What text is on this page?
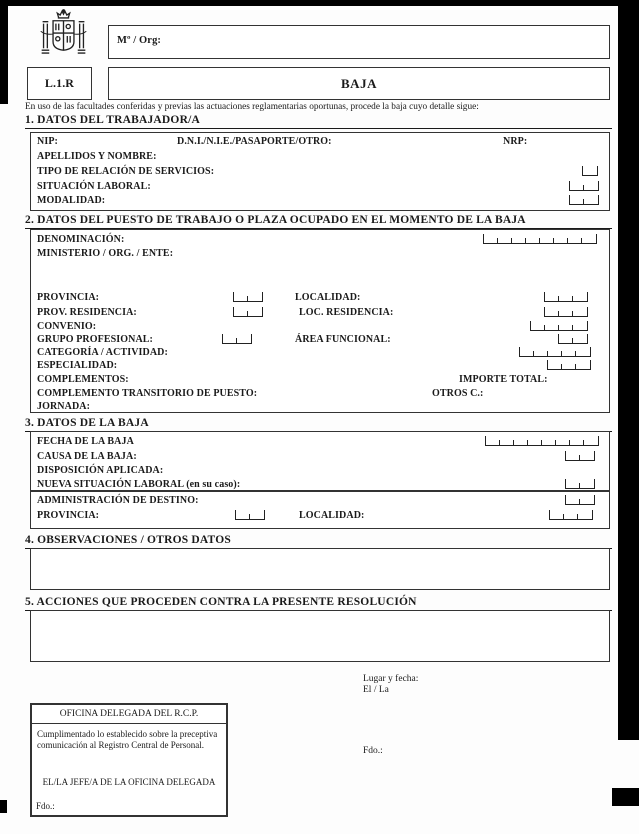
Mº / Org:
L.1.R	BAJA
En uso de las facultades conferidas y previas las actuaciones reglamentarias oportunas, procede la baja cuyo detalle sigue:
1. DATOS DEL TRABAJADOR/A
NIP:	D.N.I./N.I.E./PASAPORTE/OTRO:	NRP:
APELLIDOS Y NOMBRE:
TIPO DE RELACIÓN DE SERVICIOS:
SITUACIÓN LABORAL:
MODALIDAD:
2. DATOS DEL PUESTO DE TRABAJO O PLAZA OCUPADO EN EL MOMENTO DE LA BAJA
DENOMINACIÓN:
MINISTERIO / ORG. / ENTE:
PROVINCIA:	LOCALIDAD:
PROV. RESIDENCIA:	LOC. RESIDENCIA:
CONVENIO:
GRUPO PROFESIONAL:	ÁREA FUNCIONAL:
CATEGORÍA / ACTIVIDAD:
ESPECIALIDAD:
COMPLEMENTOS:	IMPORTE TOTAL:
COMPLEMENTO TRANSITORIO DE PUESTO:	OTROS C.:
JORNADA:
3. DATOS DE LA BAJA
FECHA DE LA BAJA
CAUSA DE LA BAJA:
DISPOSICIÓN APLICADA:
NUEVA SITUACIÓN LABORAL (en su caso):
ADMINISTRACIÓN DE DESTINO:
PROVINCIA:	LOCALIDAD:
4. OBSERVACIONES / OTROS DATOS
5. ACCIONES QUE PROCEDEN CONTRA LA PRESENTE RESOLUCIÓN
Lugar y fecha:
El / La
Fdo.:
OFICINA DELEGADA DEL R.C.P.
Cumplimentado lo establecido sobre la preceptiva comunicación al Registro Central de Personal.
EL/LA JEFE/A DE LA OFICINA DELEGADA
Fdo.:
